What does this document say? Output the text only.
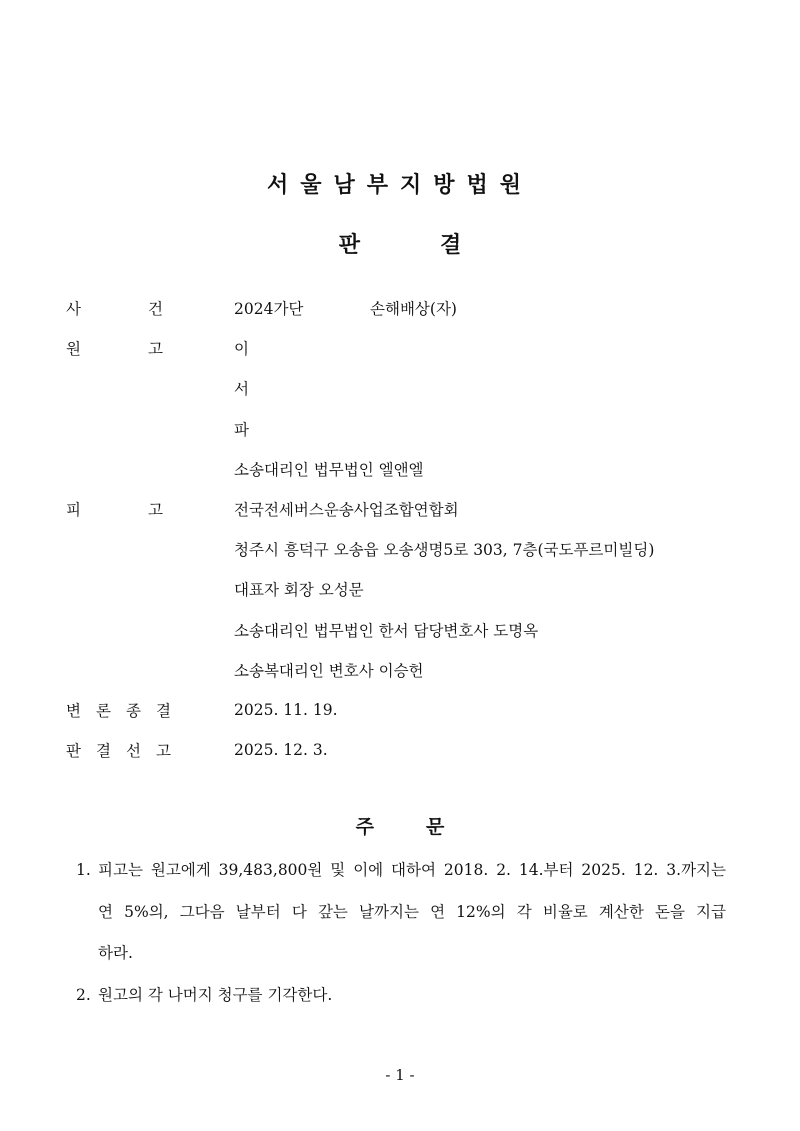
서울남부지방법원
판	결
사	건	2024가단	손해배상(자)
원	고	이
서
파
소송대리인 법무법인 엘앤엘
피	고	전국전세버스운송사업조합연합회
청주시 흥덕구 오송읍 오송생명5로 303, 7층(국도푸르미빌딩)
대표자 회장 오성문
소송대리인 법무법인 한서 담당변호사 도명옥
소송복대리인 변호사 이승헌
변 론 종 결	2025. 11. 19.
판 결 선 고	2025. 12. 3.
주	문
1. 피고는 원고에게 39,483,800원 및 이에 대하여 2018. 2. 14.부터 2025. 12. 3.까지는
연 5%의, 그다음 날부터 다 갚는 날까지는 연 12%의 각 비율로 계산한 돈을 지급
하라.
2. 원고의 각 나머지 청구를 기각한다.
- 1 -
